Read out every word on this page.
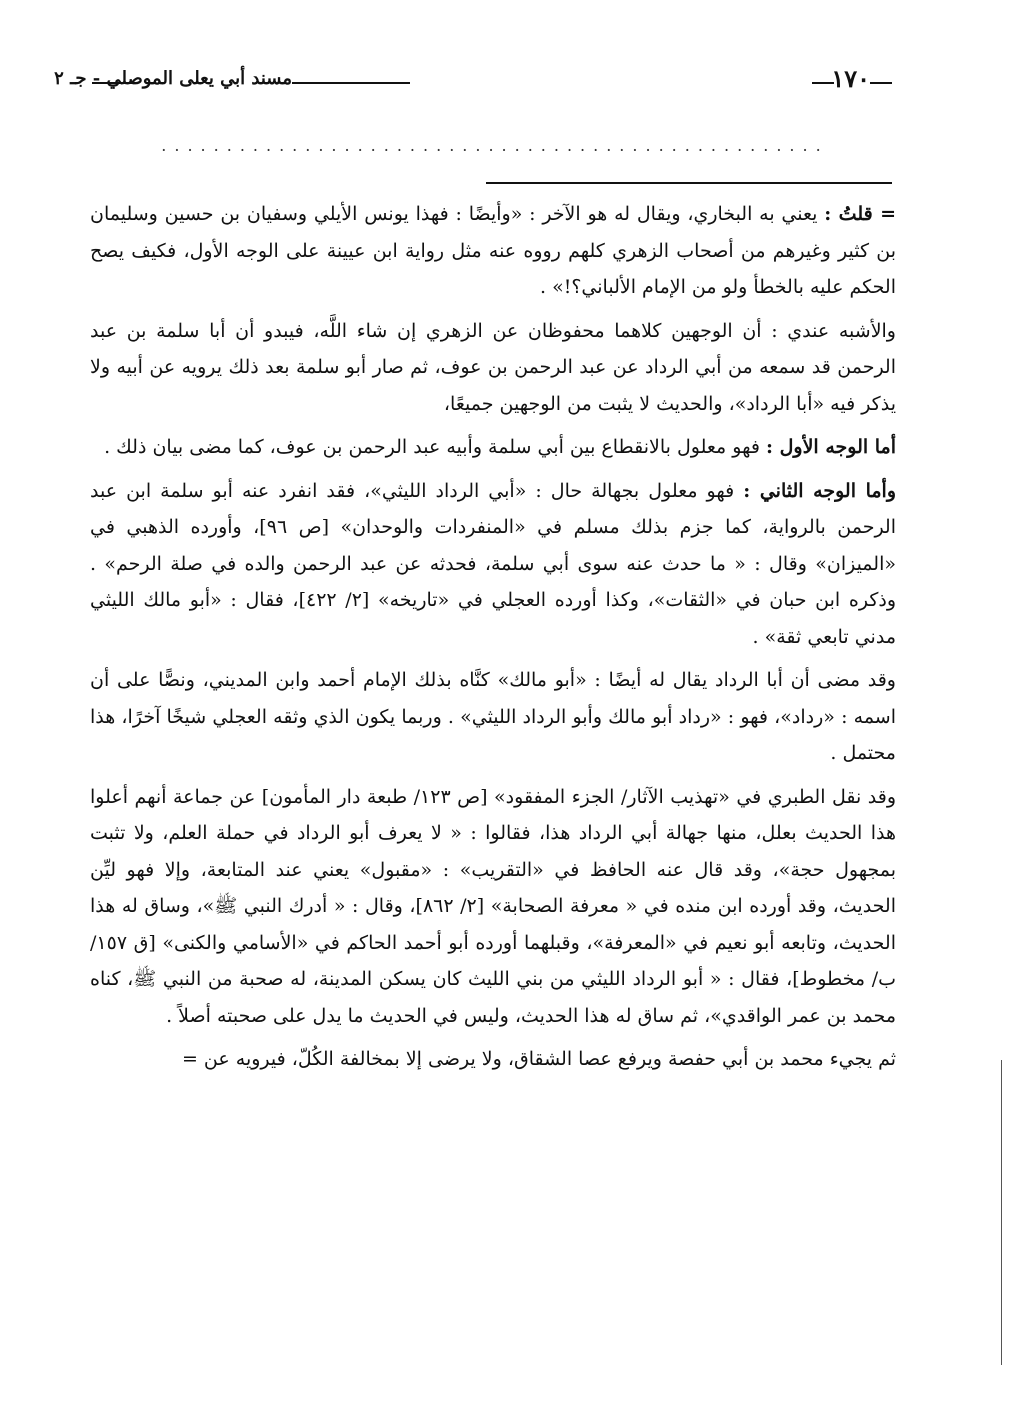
مسند أبي يعلى الموصلي - جـ ٢	١٧٠
...................................................

= قلتُ : يعني به البخاري، ويقال له هو الآخر : «وأيضًا : فهذا يونس الأيلي وسفيان بن حسين وسليمان بن كثير وغيرهم من أصحاب الزهري كلهم رووه عنه مثل رواية ابن عيينة على الوجه الأول، فكيف يصح الحكم عليه بالخطأ ولو من الإمام الألباني؟!» .

والأشبه عندي : أن الوجهين كلاهما محفوظان عن الزهري إن شاء اللَّه، فيبدو أن أبا سلمة بن عبد الرحمن قد سمعه من أبي الرداد عن عبد الرحمن بن عوف، ثم صار أبو سلمة بعد ذلك يرويه عن أبيه ولا يذكر فيه «أبا الرداد»، والحديث لا يثبت من الوجهين جميعًا،

أما الوجه الأول : فهو معلول بالانقطاع بين أبي سلمة وأبيه عبد الرحمن بن عوف، كما مضى بيان ذلك .

وأما الوجه الثاني : فهو معلول بجهالة حال : «أبي الرداد الليثي»، فقد انفرد عنه أبو سلمة ابن عبد الرحمن بالرواية، كما جزم بذلك مسلم في «المنفردات والوحدان» [ص ٩٦]، وأورده الذهبي في «الميزان» وقال : « ما حدث عنه سوى أبي سلمة، فحدثه عن عبد الرحمن والده في صلة الرحم» . وذكره ابن حبان في «الثقات»، وكذا أورده العجلي في «تاريخه» [٢/ ٤٢٢]، فقال : «أبو مالك الليثي مدني تابعي ثقة» .

وقد مضى أن أبا الرداد يقال له أيضًا : «أبو مالك» كنَّاه بذلك الإمام أحمد وابن المديني، ونصًّا على أن اسمه : «رداد»، فهو : «رداد أبو مالك وأبو الرداد الليثي» . وربما يكون الذي وثقه العجلي شيخًا آخرًا، هذا محتمل .

وقد نقل الطبري في «تهذيب الآثار/ الجزء المفقود» [ص ١٢٣/ طبعة دار المأمون] عن جماعة أنهم أعلوا هذا الحديث بعلل، منها جهالة أبي الرداد هذا، فقالوا : « لا يعرف أبو الرداد في حملة العلم، ولا تثبت بمجهول حجة»، وقد قال عنه الحافظ في «التقريب» : «مقبول» يعني عند المتابعة، وإلا فهو ليِّن الحديث، وقد أورده ابن منده في « معرفة الصحابة» [٢/ ٨٦٢]، وقال : « أدرك النبي ﷺ»، وساق له هذا الحديث، وتابعه أبو نعيم في «المعرفة»، وقبلهما أورده أبو أحمد الحاكم في «الأسامي والكنى» [ق ١٥٧/ ب/ مخطوط]، فقال : « أبو الرداد الليثي من بني الليث كان يسكن المدينة، له صحبة من النبي ﷺ، كناه محمد بن عمر الواقدي»، ثم ساق له هذا الحديث، وليس في الحديث ما يدل على صحبته أصلاً .

ثم يجيء محمد بن أبي حفصة ويرفع عصا الشقاق، ولا يرضى إلا بمخالفة الكُلّ، فيرويه عن =
